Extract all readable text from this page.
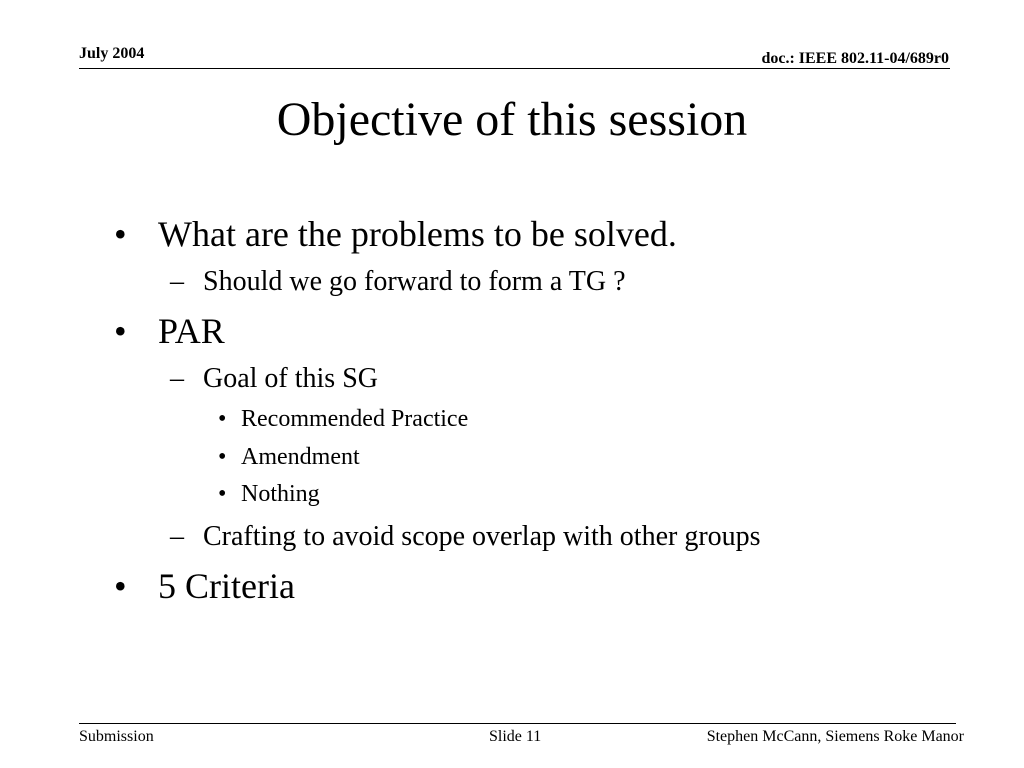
July 2004	doc.: IEEE 802.11-04/689r0
Objective of this session
• What are the problems to be solved.
– Should we go forward to form a TG ?
• PAR
– Goal of this SG
• Recommended Practice
• Amendment
• Nothing
– Crafting to avoid scope overlap with other groups
• 5 Criteria
Submission	Slide 11	Stephen McCann, Siemens Roke Manor
